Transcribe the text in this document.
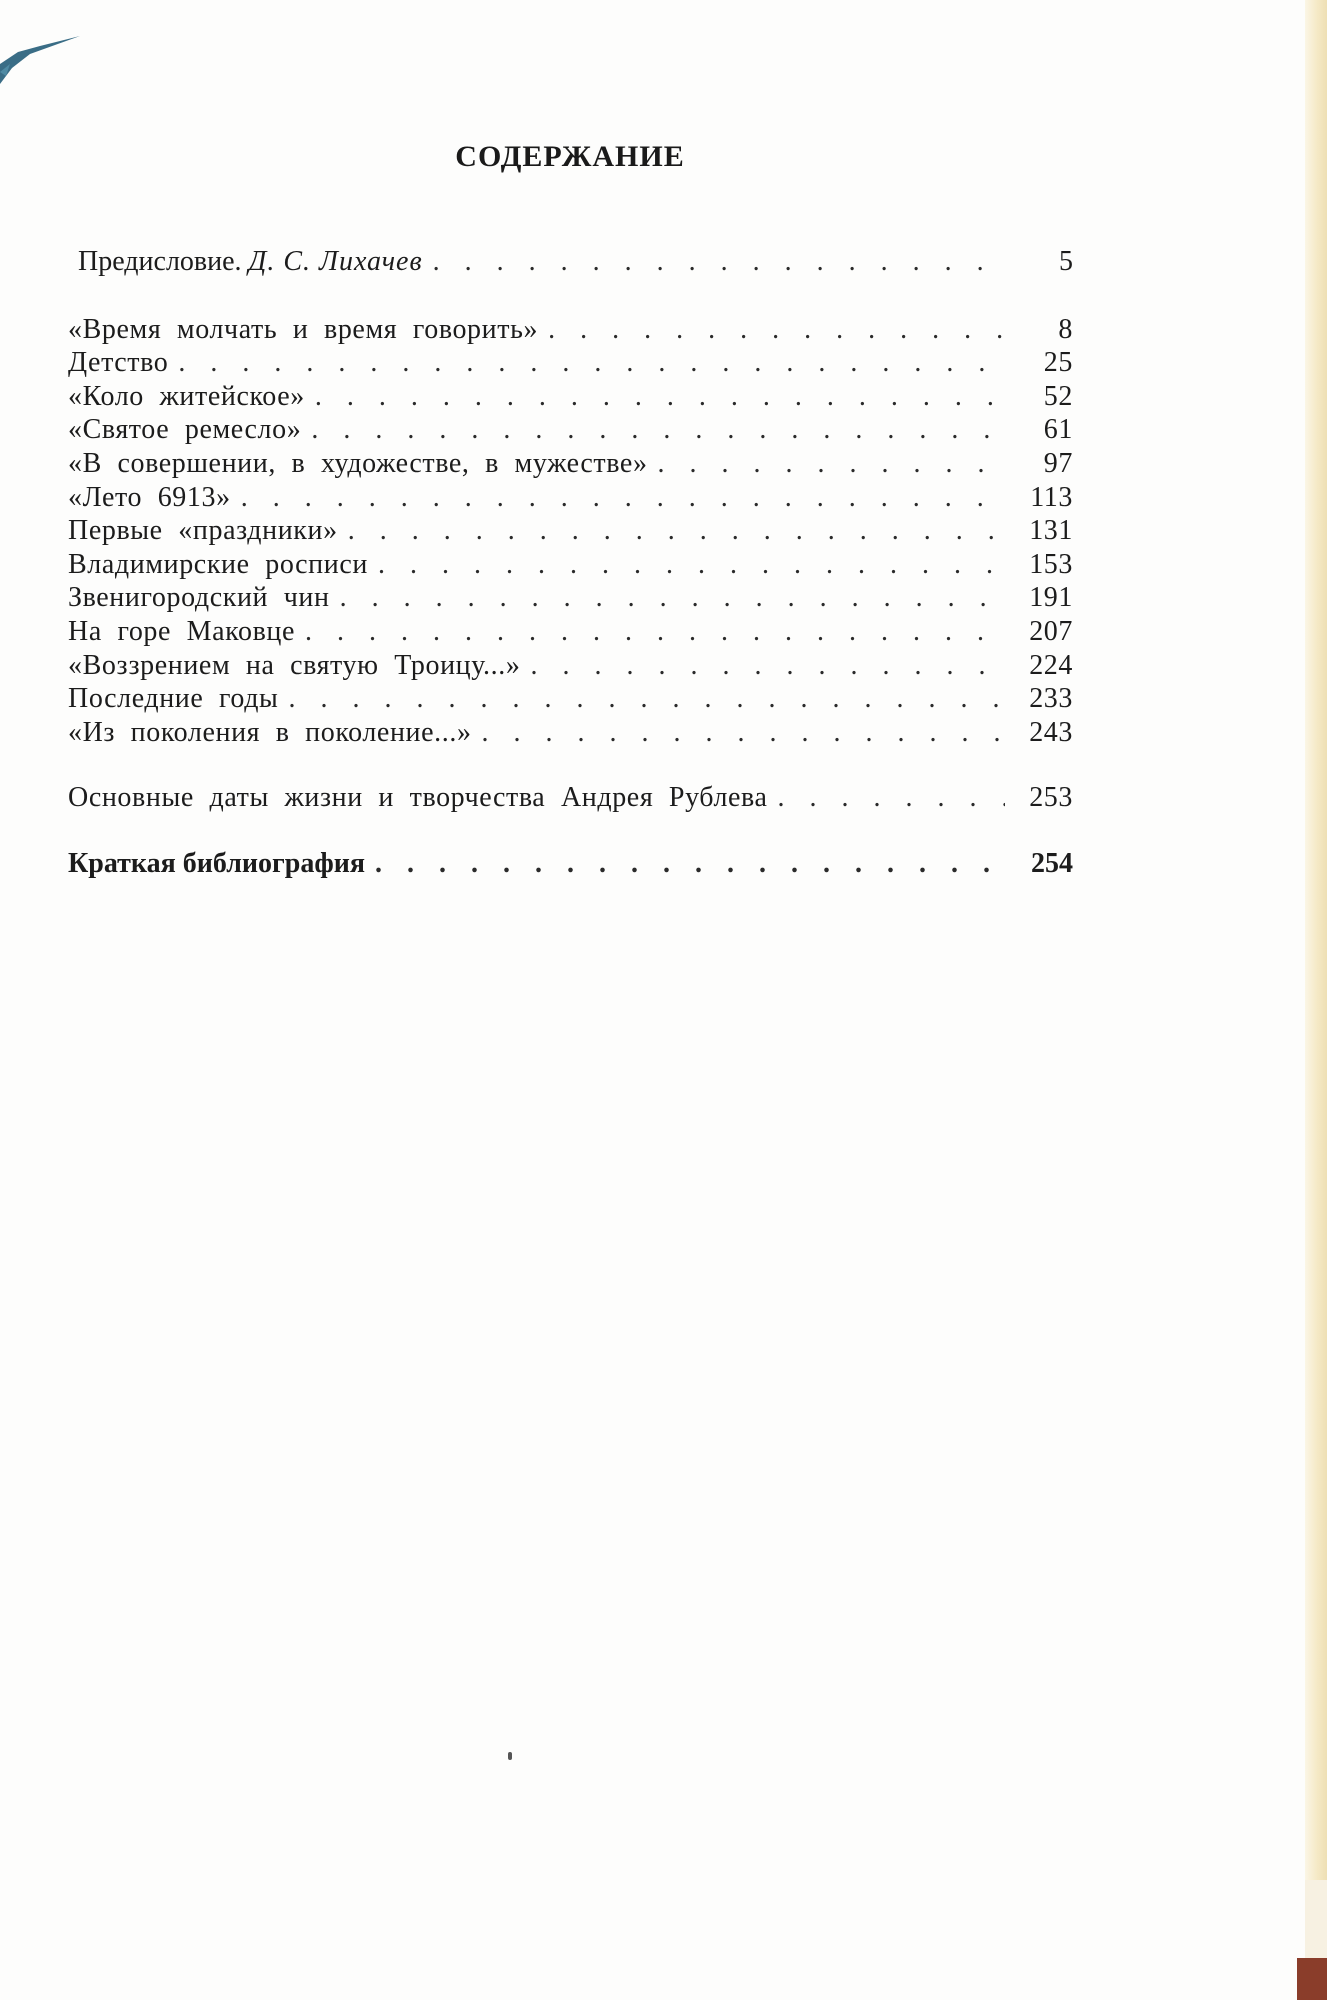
СОДЕРЖАНИЕ
Предисловие. Д. С. Лихачев . . .	5
«Время молчать и время говорить» . . .	8
Детство . . .	25
«Коло житейское» . . .	52
«Святое ремесло» . . .	61
«В совершении, в художестве, в мужестве» . . .	97
«Лето 6913» . . .	113
Первые «праздники» . . .	131
Владимирские росписи . . .	153
Звенигородский чин . . .	191
На горе Маковце . . .	207
«Воззрением на святую Троицу...» . . .	224
Последние годы . . .	233
«Из поколения в поколение...» . . .	243
Основные даты жизни и творчества Андрея Рублева . . .	253
Краткая библиография . . .	254
